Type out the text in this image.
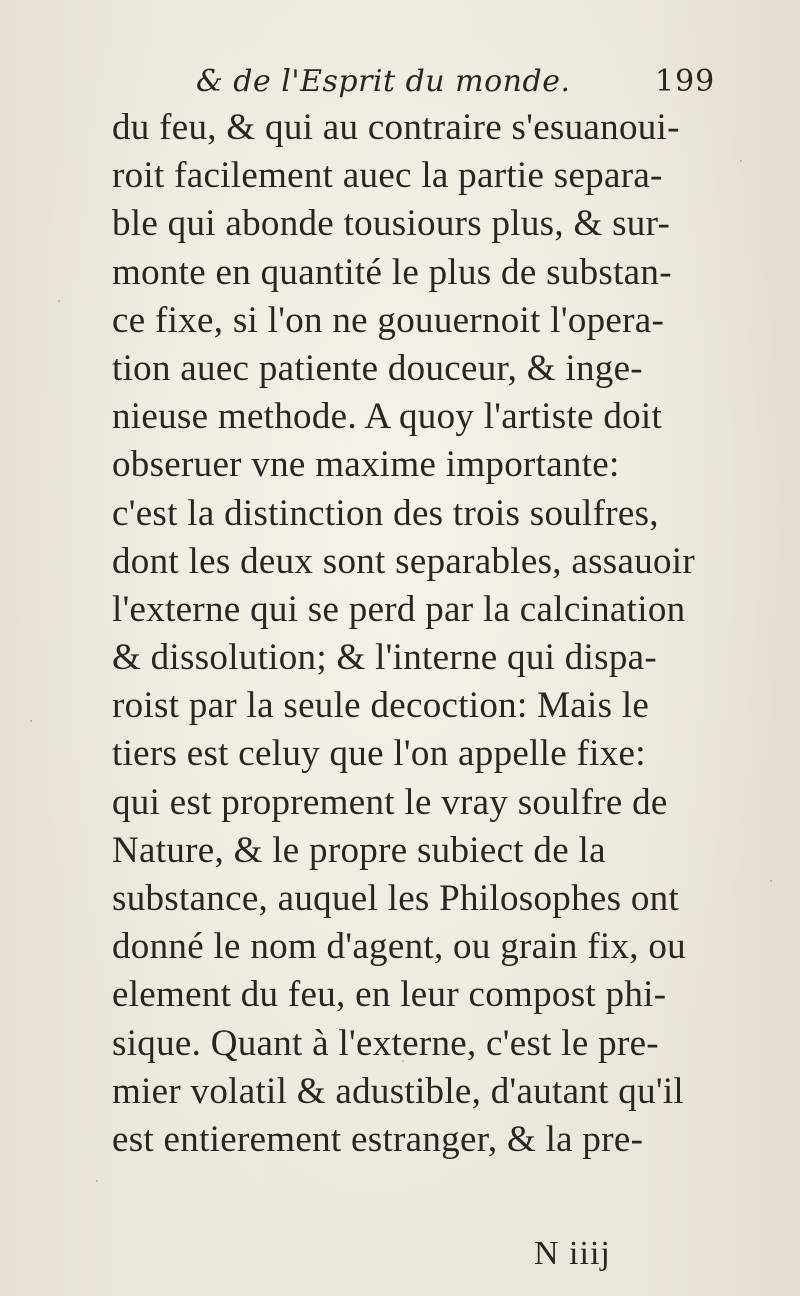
& de l'Esprit du monde.	199
du feu, & qui au contraire s'esuanoui-
roit facilement auec la partie separa-
ble qui abonde tousiours plus, & sur-
monte en quantité le plus de substan-
ce fixe, si l'on ne gouuernoit l'opera-
tion auec patiente douceur, & inge-
nieuse methode. A quoy l'artiste doit
obseruer vne maxime importante:
c'est la distinction des trois soulfres,
dont les deux sont separables, assauoir
l'externe qui se perd par la calcination
& dissolution; & l'interne qui dispa-
roist par la seule decoction: Mais le
tiers est celuy que l'on appelle fixe:
qui est proprement le vray soulfre de
Nature, & le propre subiect de la
substance, auquel les Philosophes ont
donné le nom d'agent, ou grain fix, ou
element du feu, en leur compost phi-
sique. Quant à l'externe, c'est le pre-
mier volatil & adustible, d'autant qu'il
est entierement estranger, & la pre-
N iiij
